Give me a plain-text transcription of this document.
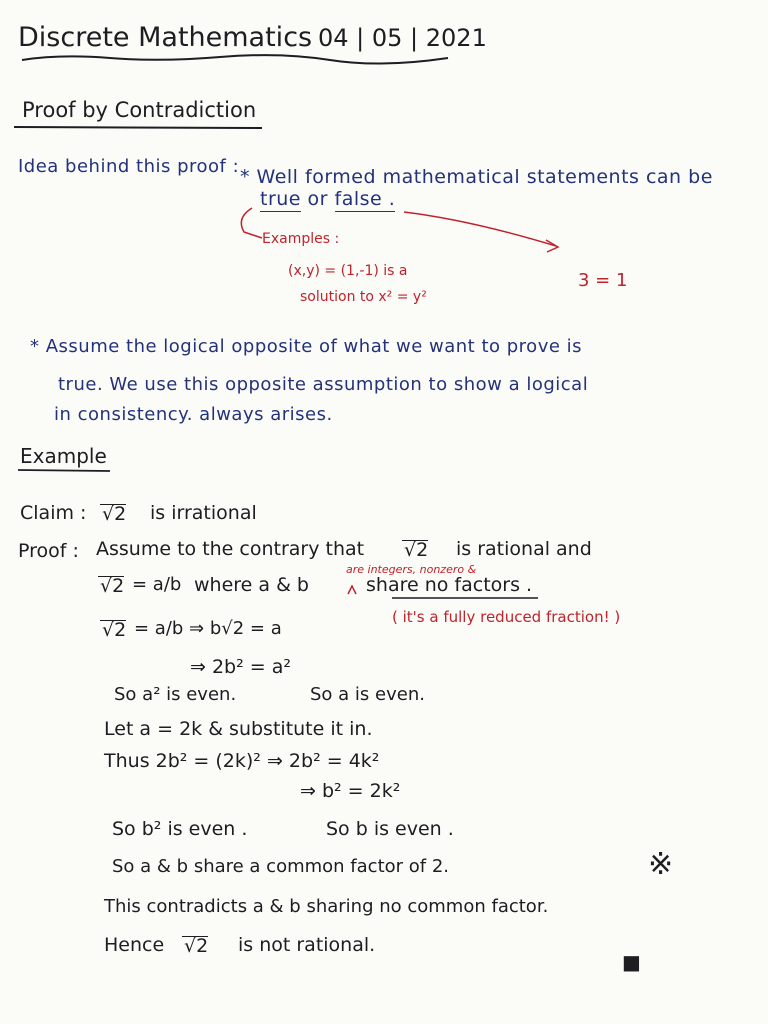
Discrete Mathematics 04 | 05 | 2021
Proof by Contradiction
Idea behind this proof : * Well formed mathematical statements can be
true or false .
Examples :
(x,y) = (1,-1) is a
solution to x² = y²
3 = 1
* Assume the logical opposite of what we want to prove is
true. We use this opposite assumption to show a logical
in consistency. always arises.
Example
Claim : √2 is irrational
Proof : Assume to the contrary that √2 is rational and
are integers, nonzero &
√2 = a/b where a & b	share no factors .
√2 = a/b ⇒ b√2 = a
( it's a fully reduced fraction! )
⇒ 2b² = a²
So a² is even.	So a is even.
Let a = 2k & substitute it in.
Thus 2b² = (2k)² ⇒ 2b² = 4k²
⇒ b² = 2k²
So b² is even .	So b is even .
So a & b share a common factor of 2.	※
This contradicts a & b sharing no common factor.
Hence √2 is not rational.
■
